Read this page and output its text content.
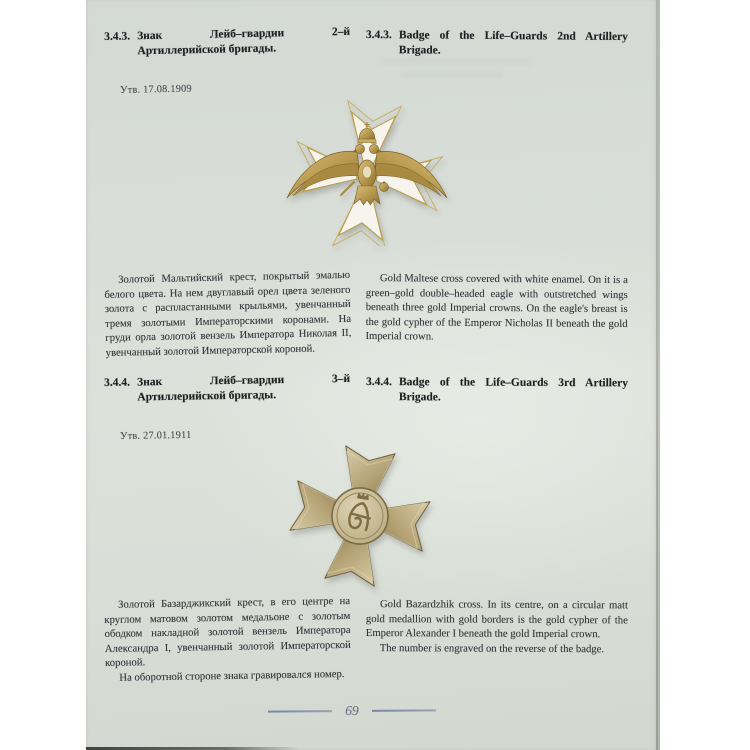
3.4.3. Знак Лейб–гвардии 2–й Артиллерийской бригады.
3.4.3. Badge of the Life–Guards 2nd Artillery Brigade.
Утв. 17.08.1909

Золотой Мальтийский крест, покрытый эмалью белого цвета. На нем двуглавый орел цвета зеленого золота с распластанными крыльями, увенчанный тремя золотыми Императорскими коронами. На груди орла золотой вензель Императора Николая II, увенчанный золотой Императорской короной.

Gold Maltese cross covered with white enamel. On it is a green–gold double–headed eagle with outstretched wings beneath three gold Imperial crowns. On the eagle's breast is the gold cypher of the Emperor Nicholas II beneath the gold Imperial crown.

3.4.4. Знак Лейб–гвардии 3–й Артиллерийской бригады.
3.4.4. Badge of the Life–Guards 3rd Artillery Brigade.
Утв. 27.01.1911

Золотой Базарджикский крест, в его центре на круглом матовом золотом медальоне с золотым ободком накладной золотой вензель Императора Александра I, увенчанный золотой Императорской короной.

На оборотной стороне знака гравировался номер.

Gold Bazardzhik cross. In its centre, on a circular matt gold medallion with gold borders is the gold cypher of the Emperor Alexander I beneath the gold Imperial crown.

The number is engraved on the reverse of the badge.

69
